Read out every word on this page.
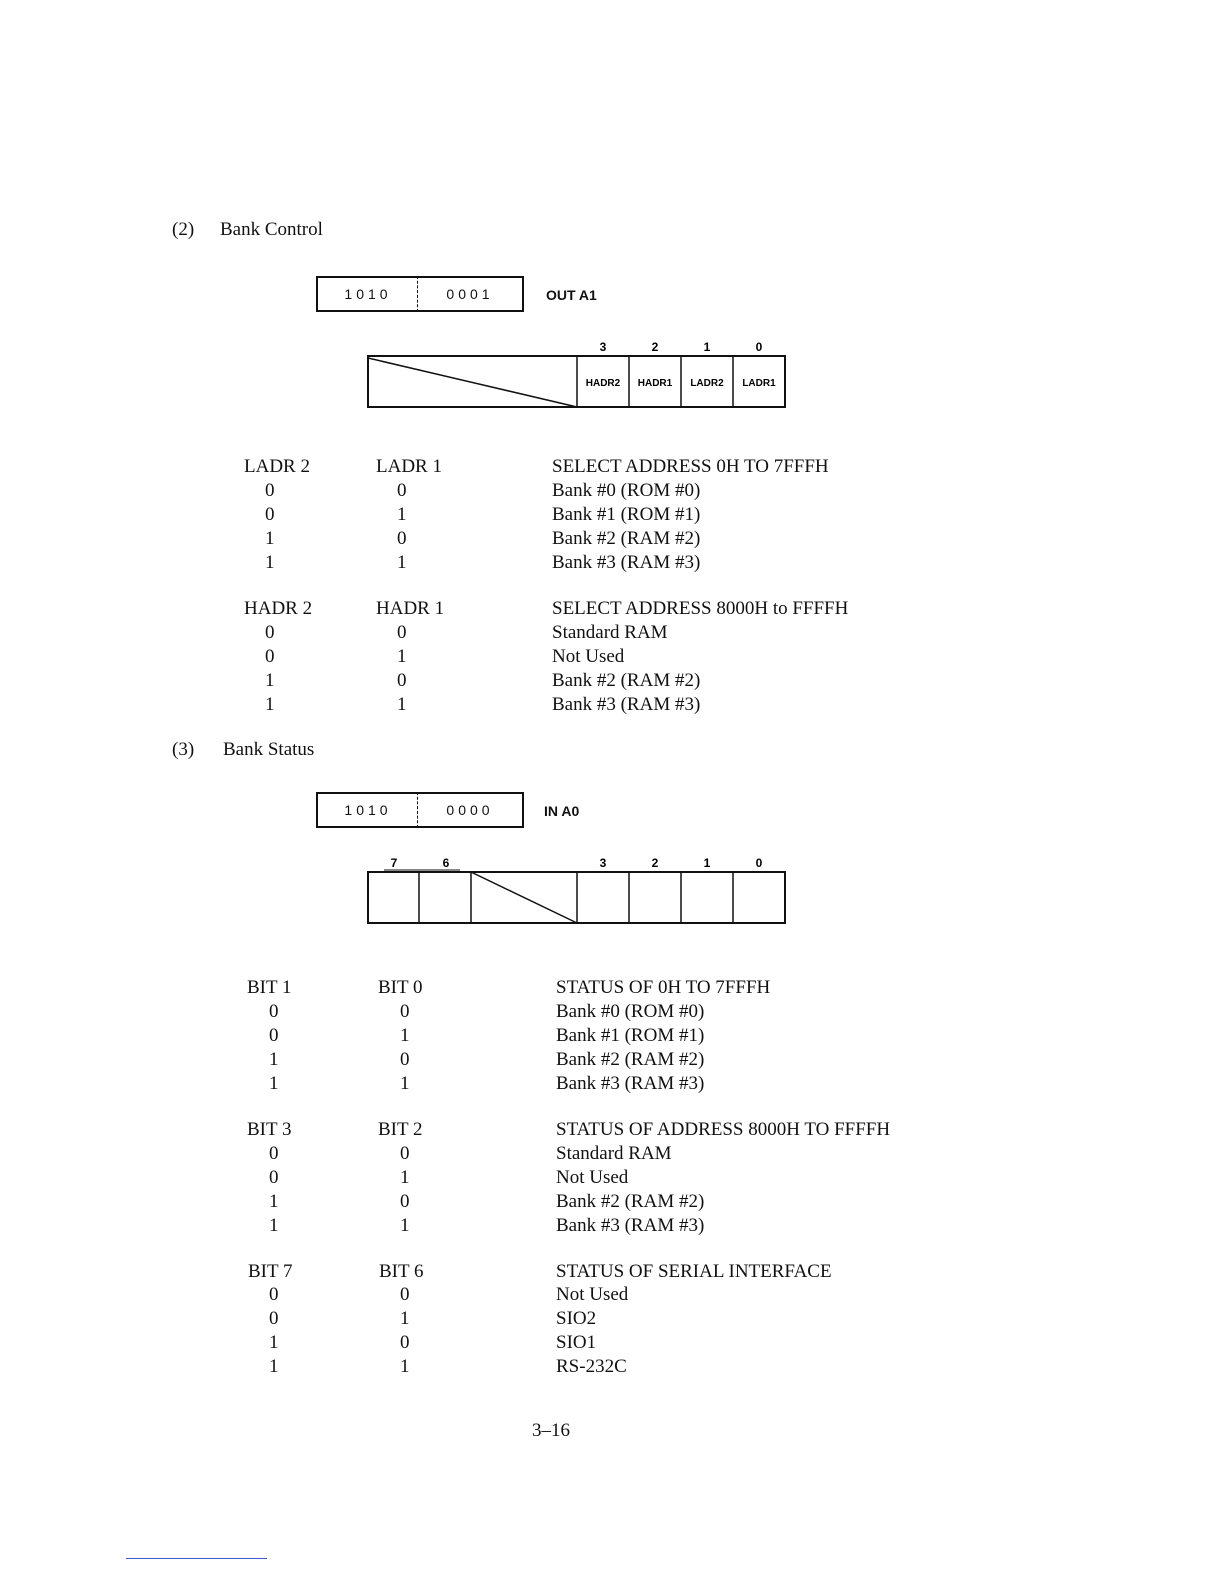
(2) Bank Control
1010	0001	OUT A1
3	2	1	0
HADR2 HADR1 LADR2 LADR1
LADR 2	LADR 1	SELECT ADDRESS 0H TO 7FFFH
0	0	Bank #0 (ROM #0)
0	1	Bank #1 (ROM #1)
1	0	Bank #2 (RAM #2)
1	1	Bank #3 (RAM #3)
HADR 2	HADR 1	SELECT ADDRESS 8000H to FFFFH
0	0	Standard RAM
0	1	Not Used
1	0	Bank #2 (RAM #2)
1	1	Bank #3 (RAM #3)
(3) Bank Status
1010	0000	IN A0
7	6	3	2	1	0
BIT 1	BIT 0	STATUS OF 0H TO 7FFFH
0	0	Bank #0 (ROM #0)
0	1	Bank #1 (ROM #1)
1	0	Bank #2 (RAM #2)
1	1	Bank #3 (RAM #3)
BIT 3	BIT 2	STATUS OF ADDRESS 8000H TO FFFFH
0	0	Standard RAM
0	1	Not Used
1	0	Bank #2 (RAM #2)
1	1	Bank #3 (RAM #3)
BIT 7	BIT 6	STATUS OF SERIAL INTERFACE
0	0	Not Used
0	1	SIO2
1	0	SIO1
1	1	RS-232C
3–16
